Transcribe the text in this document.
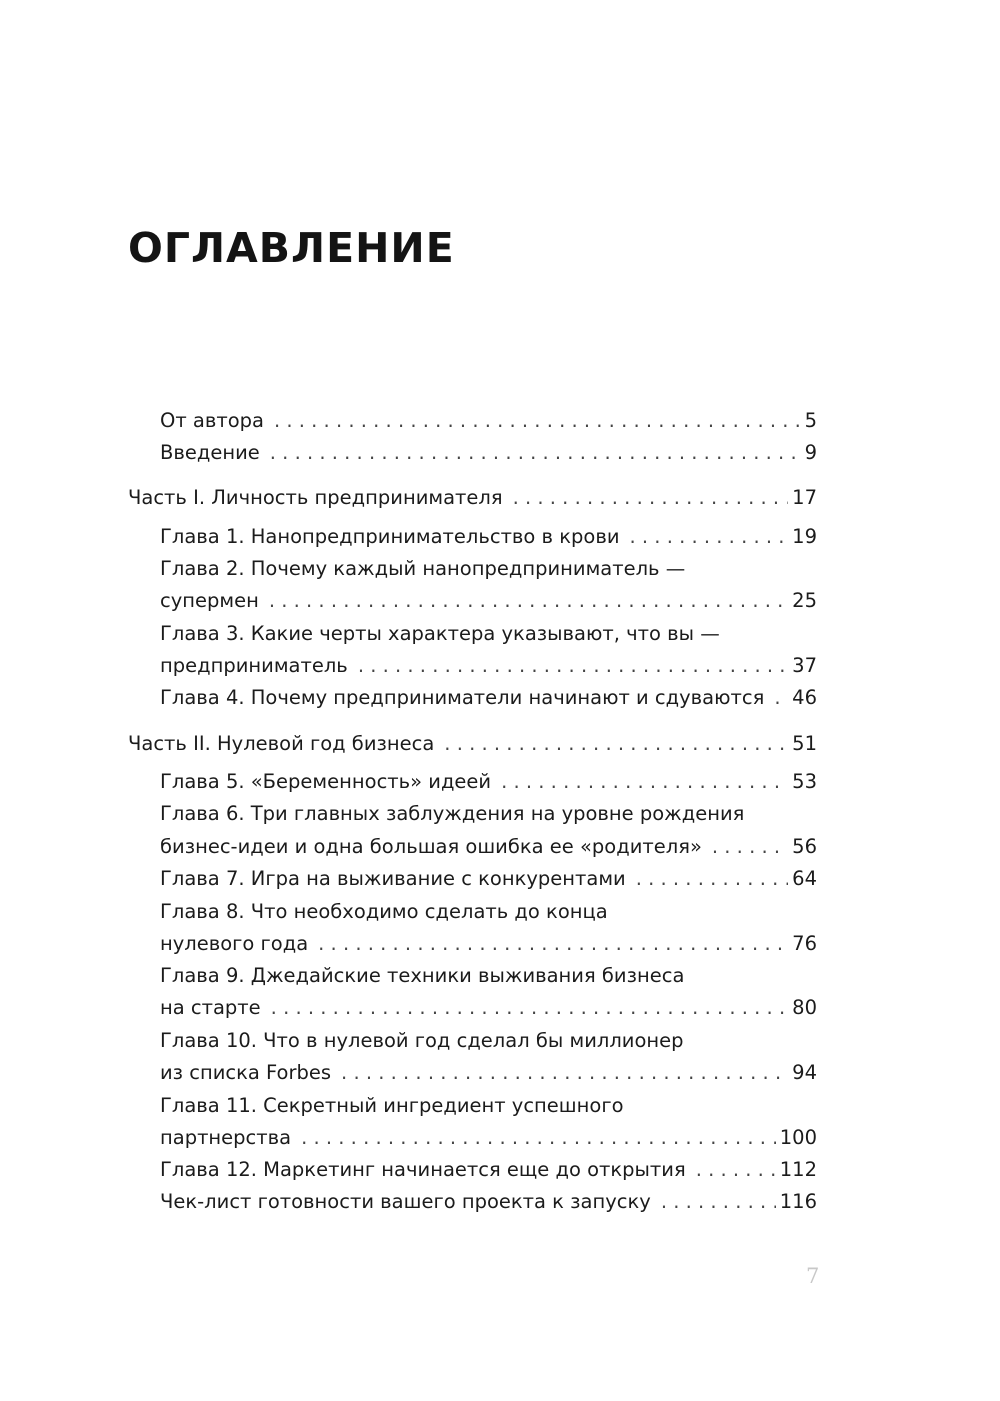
ОГЛАВЛЕНИЕ
От автора . . .	5
Введение . . .	9
Часть I. Личность предпринимателя . . .	17
Глава 1. Нанопредпринимательство в крови . . .	19
Глава 2. Почему каждый нанопредприниматель —
супермен . . .	25
Глава 3. Какие черты характера указывают, что вы —
предприниматель . . .	37
Глава 4. Почему предприниматели начинают и сдуваются . . . 46
Часть II. Нулевой год бизнеса . . .	51
Глава 5. «Беременность» идеей . . .	53
Глава 6. Три главных заблуждения на уровне рождения
бизнес-идеи и одна большая ошибка ее «родителя» . . .	56
Глава 7. Игра на выживание с конкурентами . . .	64
Глава 8. Что необходимо сделать до конца
нулевого года . . .	76
Глава 9. Джедайские техники выживания бизнеса
на старте . . .	80
Глава 10. Что в нулевой год сделал бы миллионер
из списка Forbes . . .	94
Глава 11. Секретный ингредиент успешного
партнерства . . .	100
Глава 12. Маркетинг начинается еще до открытия . . .	112
Чек-лист готовности вашего проекта к запуску . . .	116
7
